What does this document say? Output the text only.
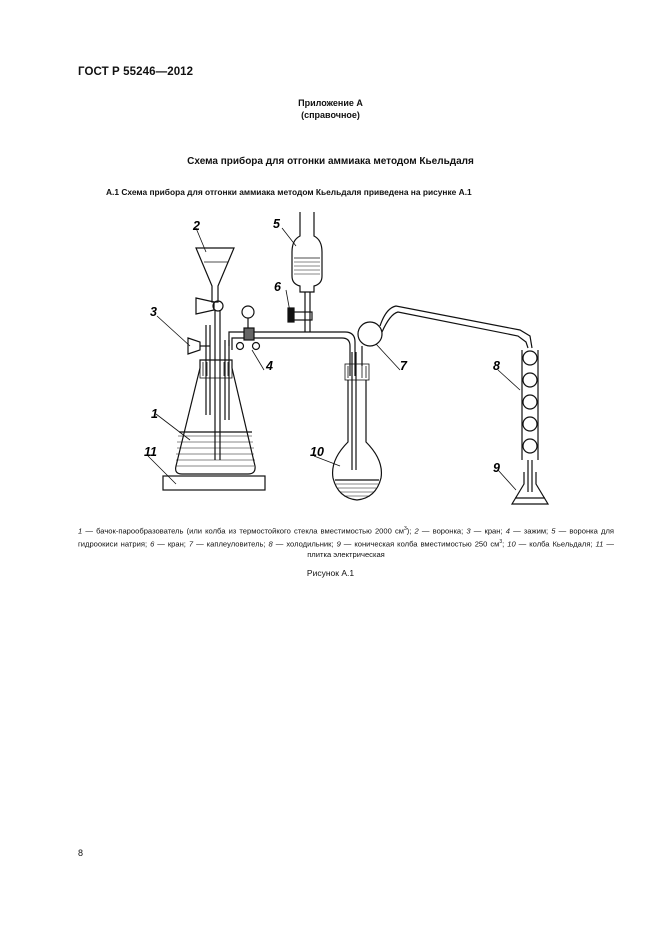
ГОСТ Р 55246—2012
Приложение А
(справочное)
Схема прибора для отгонки аммиака методом Кьельдаля
А.1 Схема прибора для отгонки аммиака методом Кьельдаля приведена на рисунке А.1
1
2
3
4
5
6
7	8
9
10
11
1 — бачок-парообразователь (или колба из термостойкого стекла вместимостью 2000 $см^3$); 2 — воронка; 3 — кран; 4 — зажим; 5 — воронка для гидроокиси натрия; 6 — кран; 7 — каплеуловитель; 8 — холодильник; 9 — коническая колба вместимостью 250 $см^3$; 10 — колба Кьельдаля; 11 — плитка электрическая
Рисунок А.1
8
